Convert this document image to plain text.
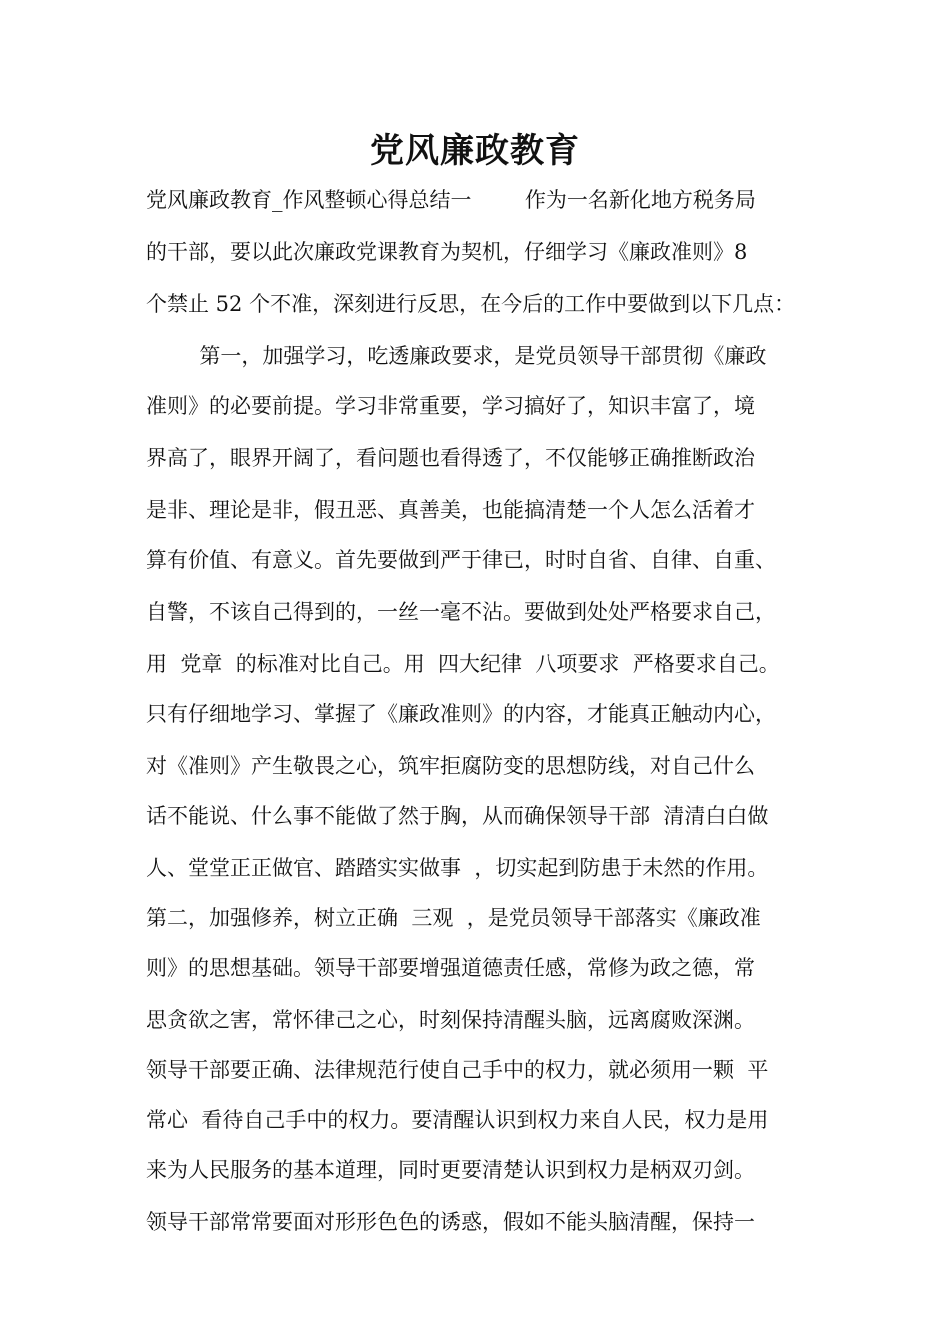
党风廉政教育
党风廉政教育_作风整顿心得总结一        作为一名新化地方税务局
的干部，要以此次廉政党课教育为契机，仔细学习《廉政准则》8
个禁止 52 个不准，深刻进行反思，在今后的工作中要做到以下几点：
第一，加强学习，吃透廉政要求，是党员领导干部贯彻《廉政
准则》的必要前提。学习非常重要，学习搞好了，知识丰富了，境
界高了，眼界开阔了，看问题也看得透了，不仅能够正确推断政治
是非、理论是非，假丑恶、真善美，也能搞清楚一个人怎么活着才
算有价值、有意义。首先要做到严于律已，时时自省、自律、自重、
自警，不该自己得到的，一丝一毫不沾。要做到处处严格要求自己，
用  党章  的标准对比自己。用  四大纪律  八项要求  严格要求自己。
只有仔细地学习、掌握了《廉政准则》的内容，才能真正触动内心，
对《准则》产生敬畏之心，筑牢拒腐防变的思想防线，对自己什么
话不能说、什么事不能做了然于胸，从而确保领导干部  清清白白做
人、堂堂正正做官、踏踏实实做事  ，切实起到防患于未然的作用。
第二，加强修养，树立正确  三观  ，是党员领导干部落实《廉政准
则》的思想基础。领导干部要增强道德责任感，常修为政之德，常
思贪欲之害，常怀律己之心，时刻保持清醒头脑，远离腐败深渊。
领导干部要正确、法律规范行使自己手中的权力，就必须用一颗  平
常心  看待自己手中的权力。要清醒认识到权力来自人民，权力是用
来为人民服务的基本道理，同时更要清楚认识到权力是柄双刃剑。
领导干部常常要面对形形色色的诱惑，假如不能头脑清醒，保持一
